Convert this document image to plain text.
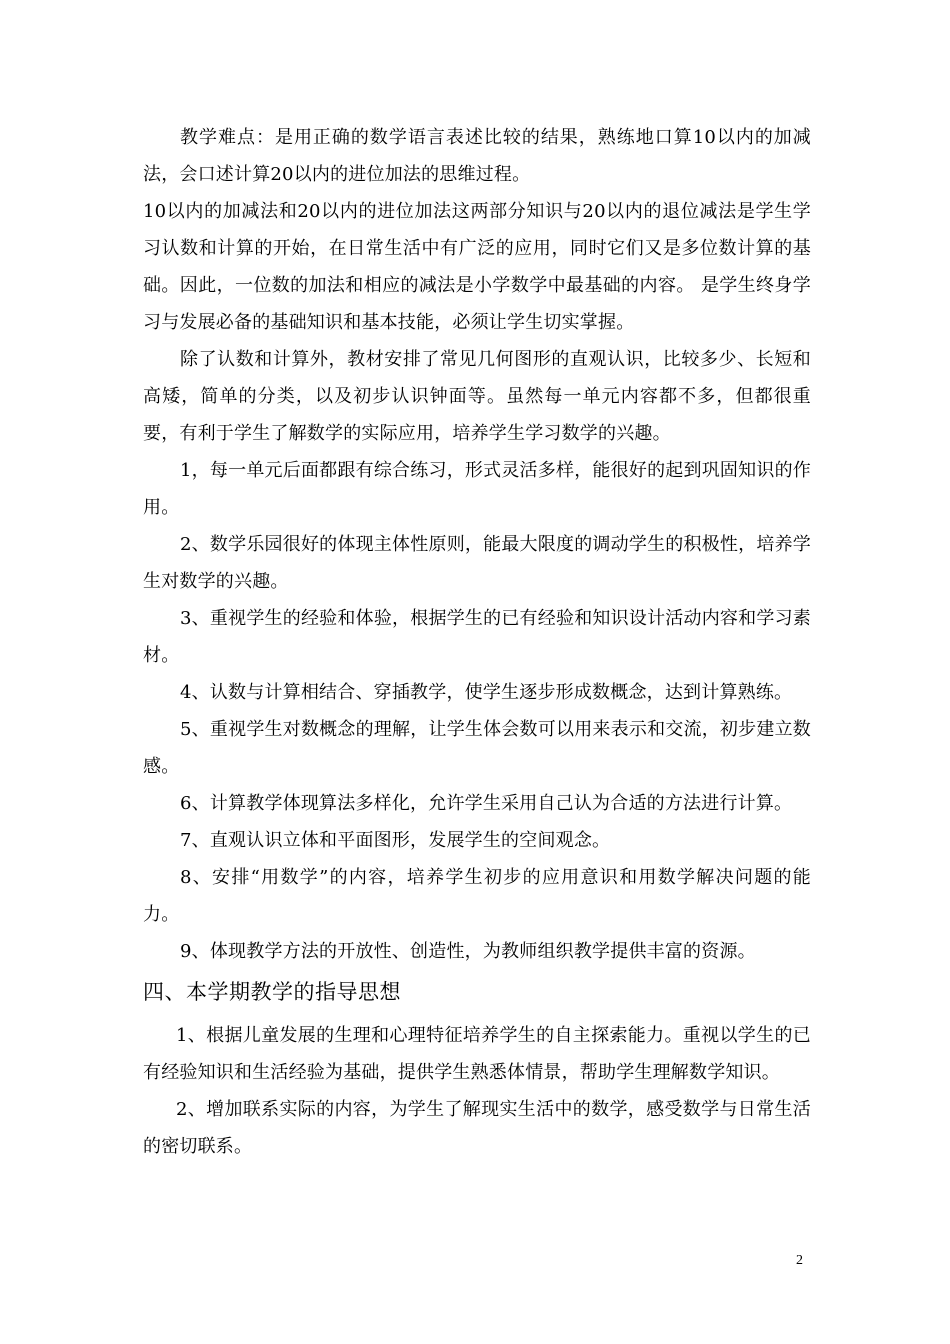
教学难点：是用正确的数学语言表述比较的结果，熟练地口算10以内的加减法，会口述计算20以内的进位加法的思维过程。

10以内的加减法和20以内的进位加法这两部分知识与20以内的退位减法是学生学习认数和计算的开始，在日常生活中有广泛的应用，同时它们又是多位数计算的基础。因此，一位数的加法和相应的减法是小学数学中最基础的内容。 是学生终身学习与发展必备的基础知识和基本技能，必须让学生切实掌握。

除了认数和计算外，教材安排了常见几何图形的直观认识，比较多少、长短和高矮，简单的分类，以及初步认识钟面等。虽然每一单元内容都不多，但都很重要，有利于学生了解数学的实际应用，培养学生学习数学的兴趣。

1，每一单元后面都跟有综合练习，形式灵活多样，能很好的起到巩固知识的作用。

2、数学乐园很好的体现主体性原则，能最大限度的调动学生的积极性，培养学生对数学的兴趣。

3、重视学生的经验和体验，根据学生的已有经验和知识设计活动内容和学习素材。

4、认数与计算相结合、穿插教学，使学生逐步形成数概念，达到计算熟练。

5、重视学生对数概念的理解，让学生体会数可以用来表示和交流，初步建立数感。

6、计算教学体现算法多样化，允许学生采用自己认为合适的方法进行计算。

7、直观认识立体和平面图形，发展学生的空间观念。

8、安排“用数学”的内容，培养学生初步的应用意识和用数学解决问题的能力。

9、体现教学方法的开放性、创造性，为教师组织教学提供丰富的资源。

四、本学期教学的指导思想

1、根据儿童发展的生理和心理特征培养学生的自主探索能力。重视以学生的已有经验知识和生活经验为基础，提供学生熟悉体情景，帮助学生理解数学知识。

2、增加联系实际的内容，为学生了解现实生活中的数学，感受数学与日常生活的密切联系。

2
